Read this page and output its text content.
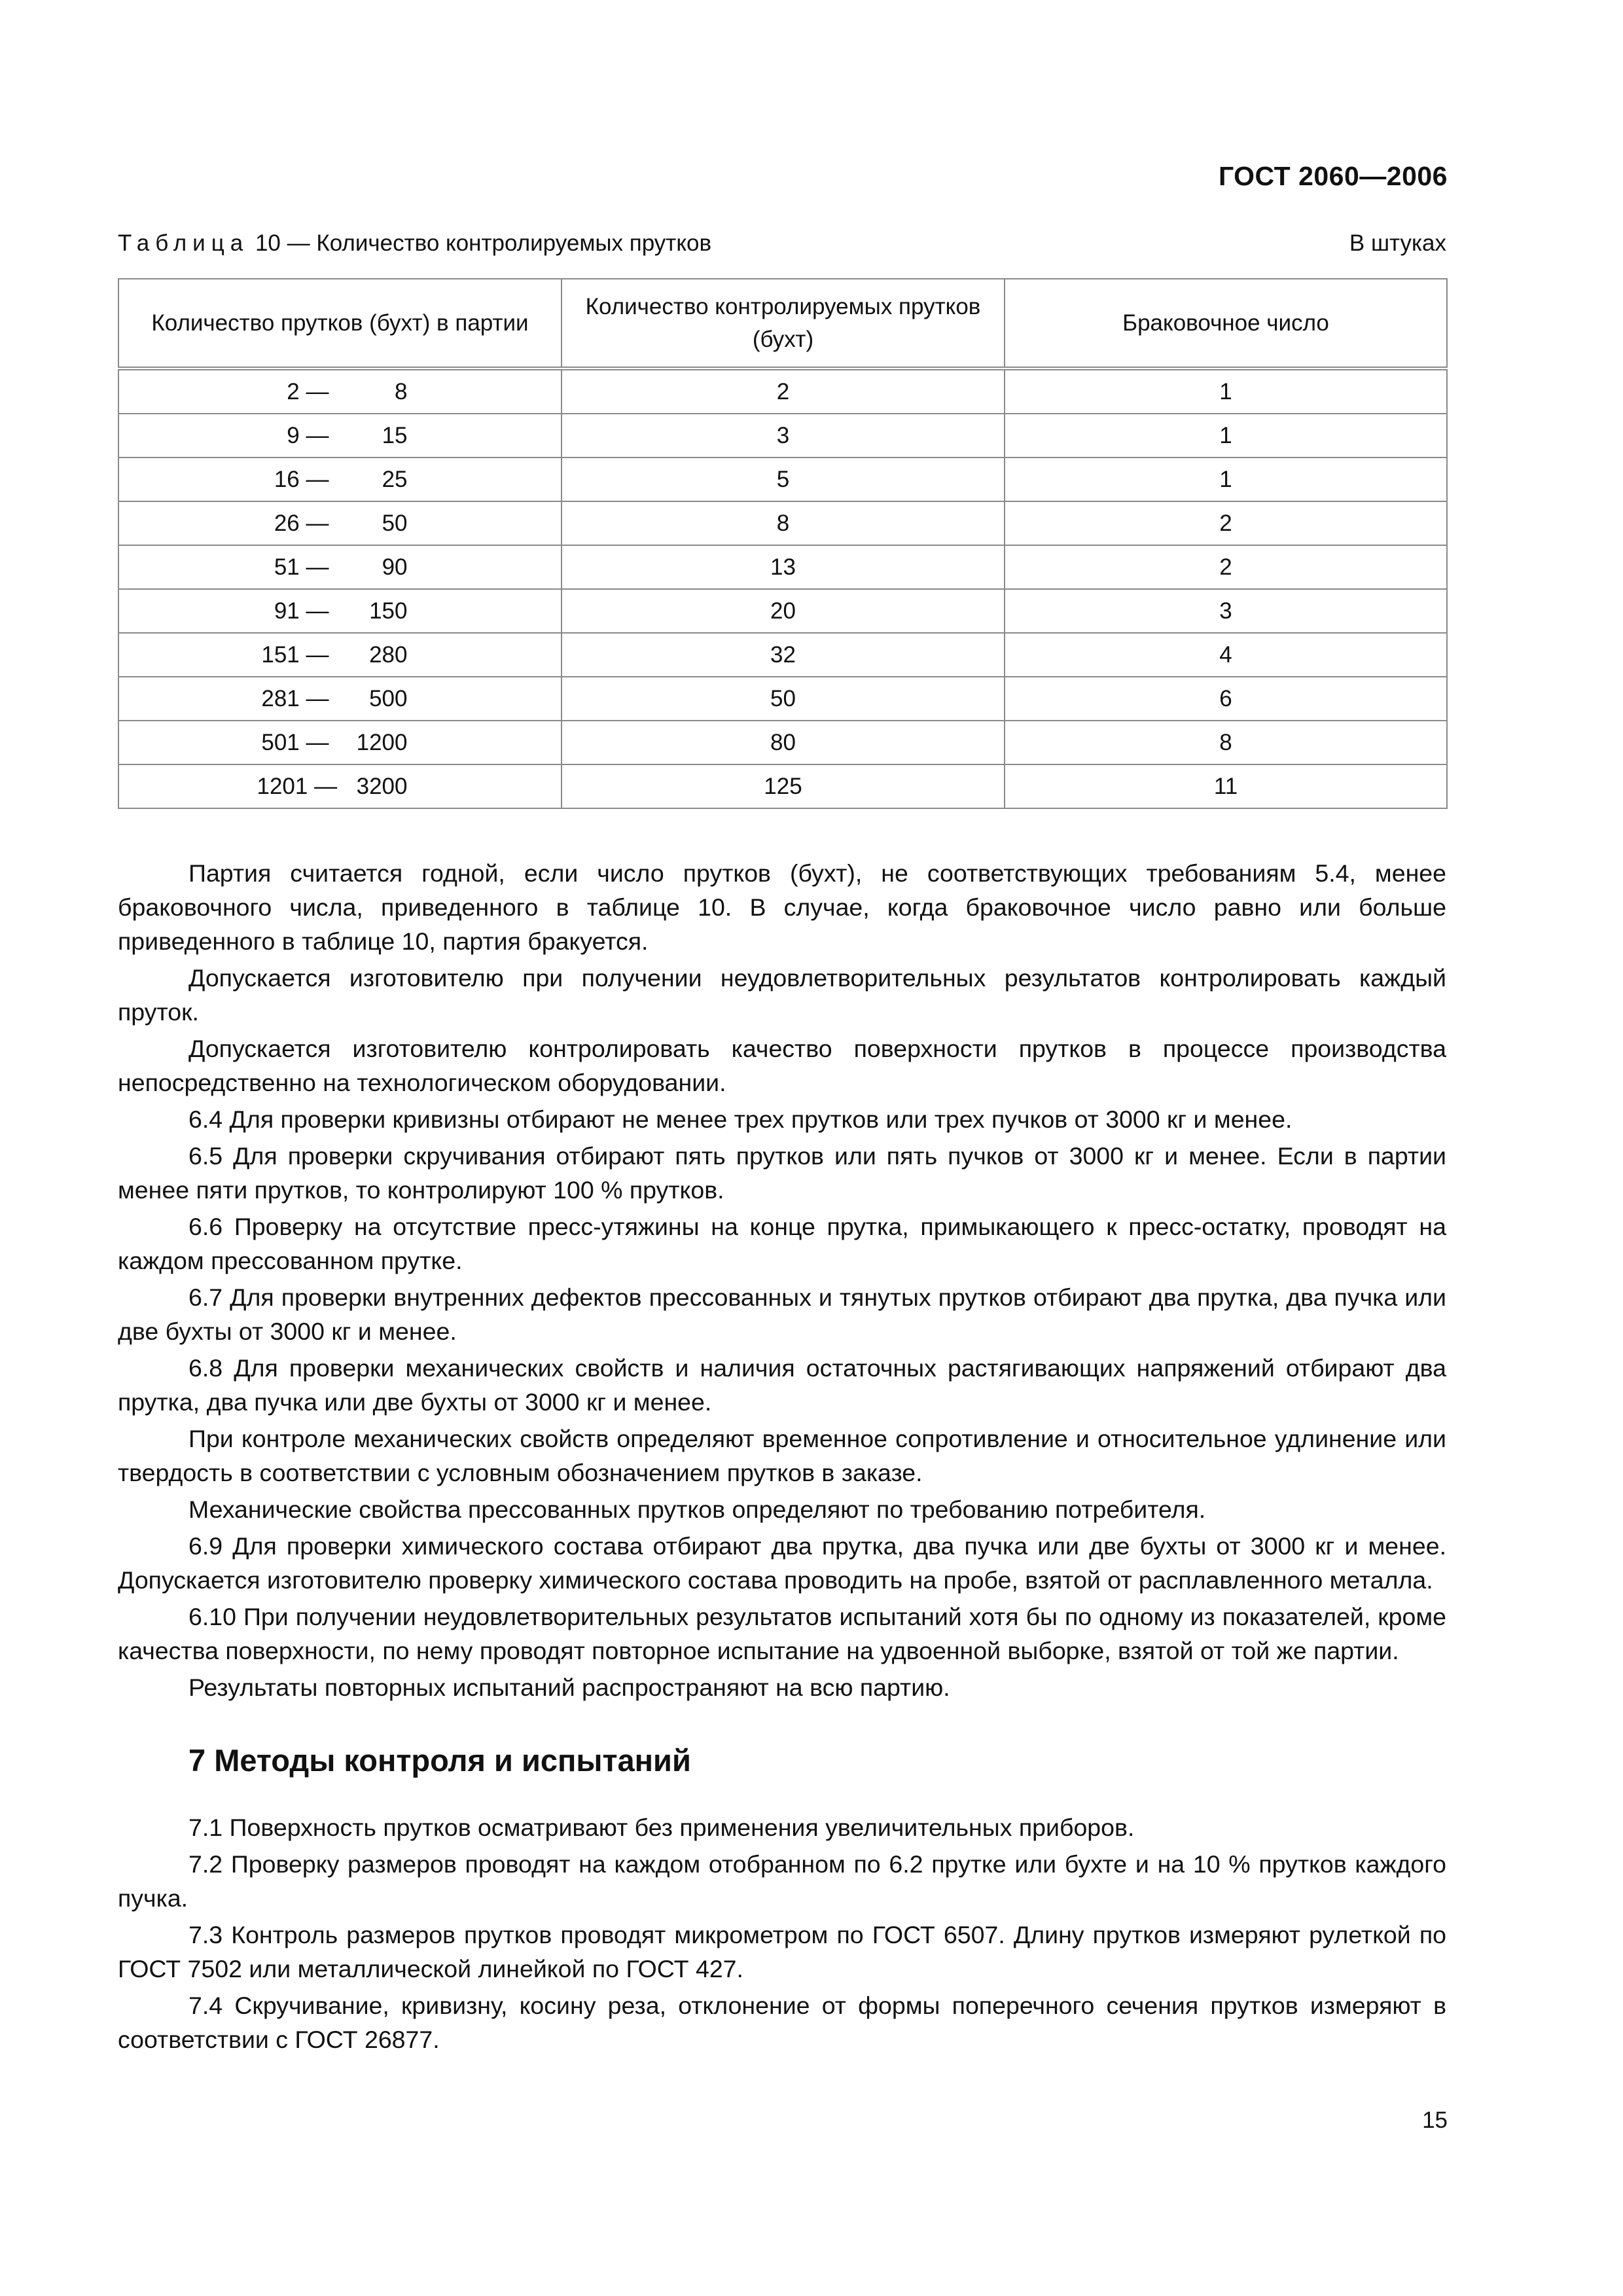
ГОСТ 2060—2006
Таблица 10 — Количество контролируемых прутков	В штуках
Количество прутков (бухт) в партии	Количество контролируемых прутков (бухт)	Браковочное число

2 — 8	2	1

9 — 15	3	1

16 — 25	5	1

26 — 50	8	2

51 — 90	13	2

91 — 150	20	3

151 — 280	32	4

281 — 500	50	6

501 — 1200	80	8

1201 — 3200	125	11

Партия считается годной, если число прутков (бухт), не соответствующих требованиям 5.4, менее браковочного числа, приведенного в таблице 10. В случае, когда браковочное число равно или больше приведенного в таблице 10, партия бракуется.

Допускается изготовителю при получении неудовлетворительных результатов контролировать каждый пруток.

Допускается изготовителю контролировать качество поверхности прутков в процессе производства непосредственно на технологическом оборудовании.

6.4 Для проверки кривизны отбирают не менее трех прутков или трех пучков от 3000 кг и менее.

6.5 Для проверки скручивания отбирают пять прутков или пять пучков от 3000 кг и менее. Если в партии менее пяти прутков, то контролируют 100 % прутков.

6.6 Проверку на отсутствие пресс-утяжины на конце прутка, примыкающего к пресс-остатку, проводят на каждом прессованном прутке.

6.7 Для проверки внутренних дефектов прессованных и тянутых прутков отбирают два прутка, два пучка или две бухты от 3000 кг и менее.

6.8 Для проверки механических свойств и наличия остаточных растягивающих напряжений отбирают два прутка, два пучка или две бухты от 3000 кг и менее.

При контроле механических свойств определяют временное сопротивление и относительное удлинение или твердость в соответствии с условным обозначением прутков в заказе.

Механические свойства прессованных прутков определяют по требованию потребителя.

6.9 Для проверки химического состава отбирают два прутка, два пучка или две бухты от 3000 кг и менее. Допускается изготовителю проверку химического состава проводить на пробе, взятой от расплавленного металла.

6.10 При получении неудовлетворительных результатов испытаний хотя бы по одному из показателей, кроме качества поверхности, по нему проводят повторное испытание на удвоенной выборке, взятой от той же партии.

Результаты повторных испытаний распространяют на всю партию.

7 Методы контроля и испытаний

7.1 Поверхность прутков осматривают без применения увеличительных приборов.

7.2 Проверку размеров проводят на каждом отобранном по 6.2 прутке или бухте и на 10 % прутков каждого пучка.

7.3 Контроль размеров прутков проводят микрометром по ГОСТ 6507. Длину прутков измеряют рулеткой по ГОСТ 7502 или металлической линейкой по ГОСТ 427.

7.4 Скручивание, кривизну, косину реза, отклонение от формы поперечного сечения прутков измеряют в соответствии с ГОСТ 26877.

15
